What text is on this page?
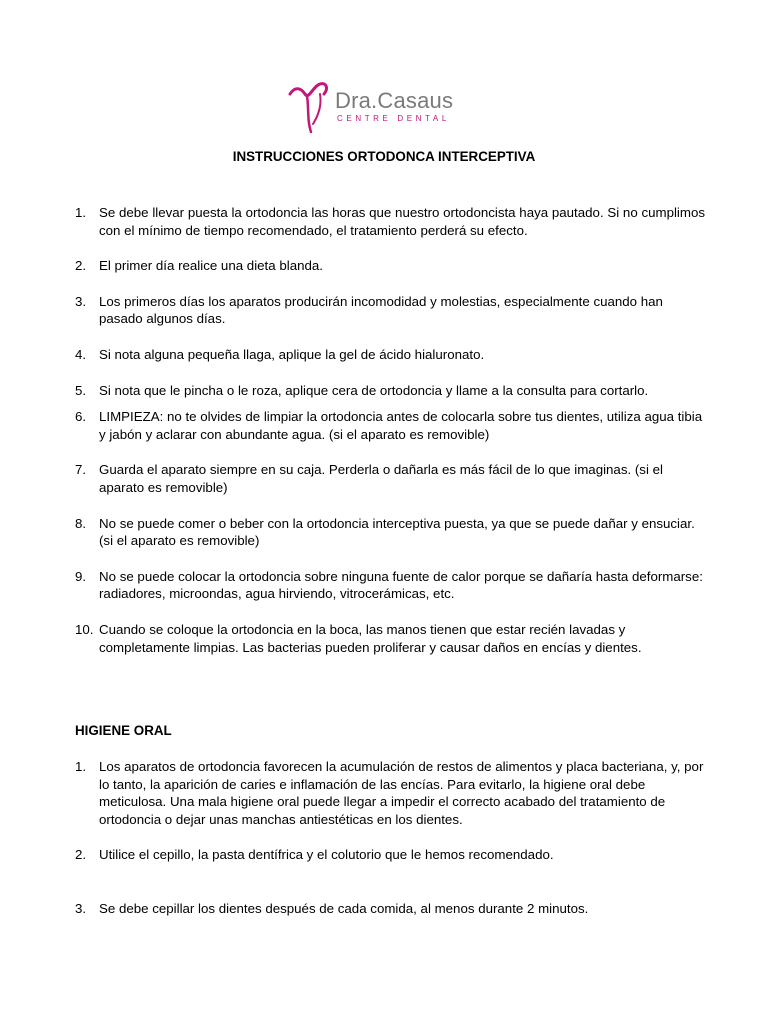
Dra.Casaus
CENTRE DENTAL
INSTRUCCIONES ORTODONCA INTERCEPTIVA
1. Se debe llevar puesta la ortodoncia las horas que nuestro ortodoncista haya pautado. Si no cumplimos con el mínimo de tiempo recomendado, el tratamiento perderá su efecto.
2. El primer día realice una dieta blanda.
3. Los primeros días los aparatos producirán incomodidad y molestias, especialmente cuando han pasado algunos días.
4. Si nota alguna pequeña llaga, aplique la gel de ácido hialuronato.
5. Si nota que le pincha o le roza, aplique cera de ortodoncia y llame a la consulta para cortarlo.
6. LIMPIEZA: no te olvides de limpiar la ortodoncia antes de colocarla sobre tus dientes, utiliza agua tibia y jabón y aclarar con abundante agua. (si el aparato es removible)
7. Guarda el aparato siempre en su caja. Perderla o dañarla es más fácil de lo que imaginas. (si el aparato es removible)
8. No se puede comer o beber con la ortodoncia interceptiva puesta, ya que se puede dañar y ensuciar. (si el aparato es removible)
9. No se puede colocar la ortodoncia sobre ninguna fuente de calor porque se dañaría hasta deformarse: radiadores, microondas, agua hirviendo, vitrocerámicas, etc.
10. Cuando se coloque la ortodoncia en la boca, las manos tienen que estar recién lavadas y completamente limpias. Las bacterias pueden proliferar y causar daños en encías y dientes.
HIGIENE ORAL
1. Los aparatos de ortodoncia favorecen la acumulación de restos de alimentos y placa bacteriana, y, por lo tanto, la aparición de caries e inflamación de las encías. Para evitarlo, la higiene oral debe meticulosa. Una mala higiene oral puede llegar a impedir el correcto acabado del tratamiento de ortodoncia o dejar unas manchas antiestéticas en los dientes.
2. Utilice el cepillo, la pasta dentífrica y el colutorio que le hemos recomendado.
3. Se debe cepillar los dientes después de cada comida, al menos durante 2 minutos.
